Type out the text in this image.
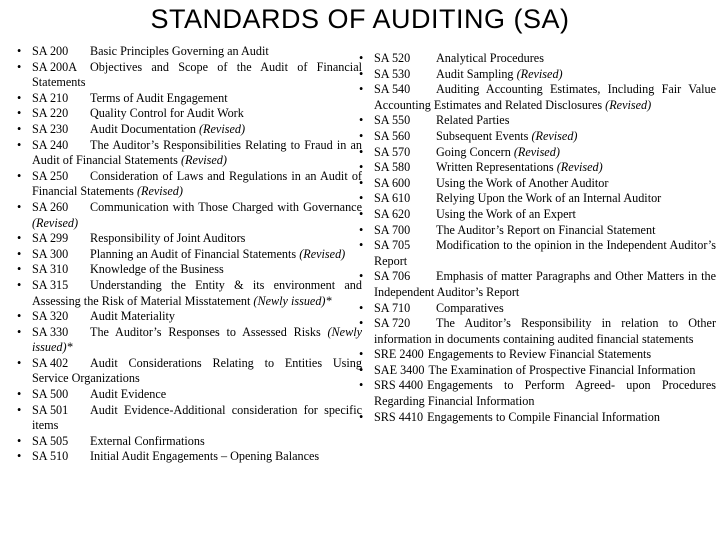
STANDARDS OF AUDITING (SA)
• SA 200 Basic Principles Governing an Audit
• SA 200A Objectives and Scope of the Audit of Financial Statements
• SA 210 Terms of Audit Engagement
• SA 220 Quality Control for Audit Work
• SA 230 Audit Documentation (Revised)
• SA 240 The Auditor’s Responsibilities Relating to Fraud in an Audit of Financial Statements (Revised)
• SA 250 Consideration of Laws and Regulations in an Audit of Financial Statements (Revised)
• SA 260 Communication with Those Charged with Governance (Revised)
• SA 299 Responsibility of Joint Auditors
• SA 300 Planning an Audit of Financial Statements (Revised)
• SA 310 Knowledge of the Business
• SA 315 Understanding the Entity & its environment and Assessing the Risk of Material Misstatement (Newly issued)*
• SA 320 Audit Materiality
• SA 330 The Auditor’s Responses to Assessed Risks (Newly issued)*
• SA 402 Audit Considerations Relating to Entities Using Service Organizations
• SA 500 Audit Evidence
• SA 501 Audit Evidence-Additional consideration for specific items
• SA 505 External Confirmations
• SA 510 Initial Audit Engagements – Opening Balances
• SA 520 Analytical Procedures
• SA 530 Audit Sampling (Revised)
• SA 540 Auditing Accounting Estimates, Including Fair Value Accounting Estimates and Related Disclosures (Revised)
• SA 550 Related Parties
• SA 560 Subsequent Events (Revised)
• SA 570 Going Concern (Revised)
• SA 580 Written Representations (Revised)
• SA 600 Using the Work of Another Auditor
• SA 610 Relying Upon the Work of an Internal Auditor
• SA 620 Using the Work of an Expert
• SA 700 The Auditor’s Report on Financial Statement
• SA 705 Modification to the opinion in the Independent Auditor’s Report
• SA 706 Emphasis of matter Paragraphs and Other Matters in the Independent Auditor’s Report
• SA 710 Comparatives
• SA 720 The Auditor’s Responsibility in relation to Other information in documents containing audited financial statements
• SRE 2400 Engagements to Review Financial Statements
• SAE 3400 The Examination of Prospective Financial Information
• SRS 4400 Engagements to Perform Agreed- upon Procedures Regarding Financial Information
• SRS 4410 Engagements to Compile Financial Information
